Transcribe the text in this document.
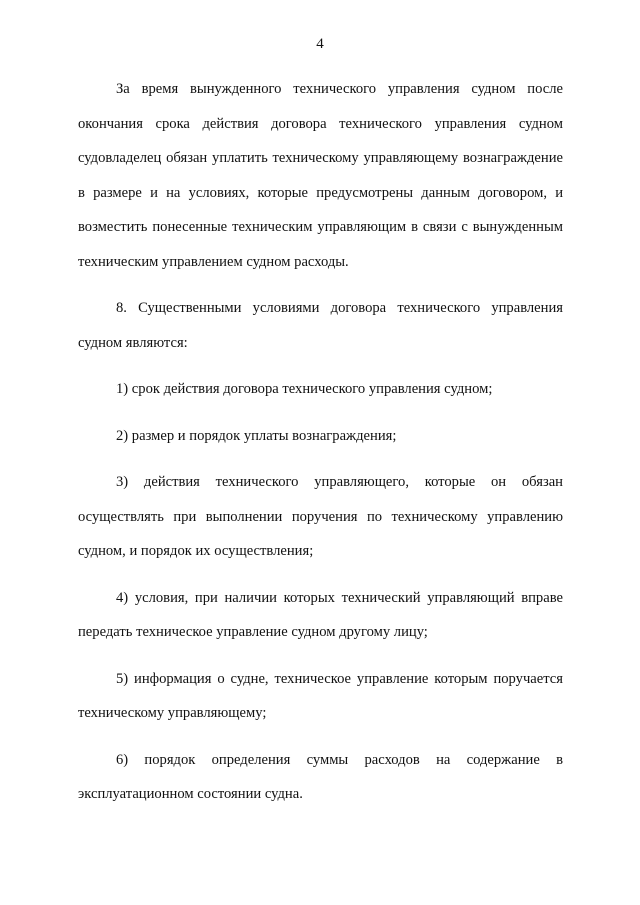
4

За время вынужденного технического управления судном после окончания срока действия договора технического управления судном судовладелец обязан уплатить техническому управляющему вознаграждение в размере и на условиях, которые предусмотрены данным договором, и возместить понесенные техническим управляющим в связи с вынужденным техническим управлением судном расходы.

8. Существенными условиями договора технического управления судном являются:

1) срок действия договора технического управления судном;

2) размер и порядок уплаты вознаграждения;

3) действия технического управляющего, которые он обязан осуществлять при выполнении поручения по техническому управлению судном, и порядок их осуществления;

4) условия, при наличии которых технический управляющий вправе передать техническое управление судном другому лицу;

5) информация о судне, техническое управление которым поручается техническому управляющему;

6) порядок определения суммы расходов на содержание в эксплуатационном состоянии судна.
